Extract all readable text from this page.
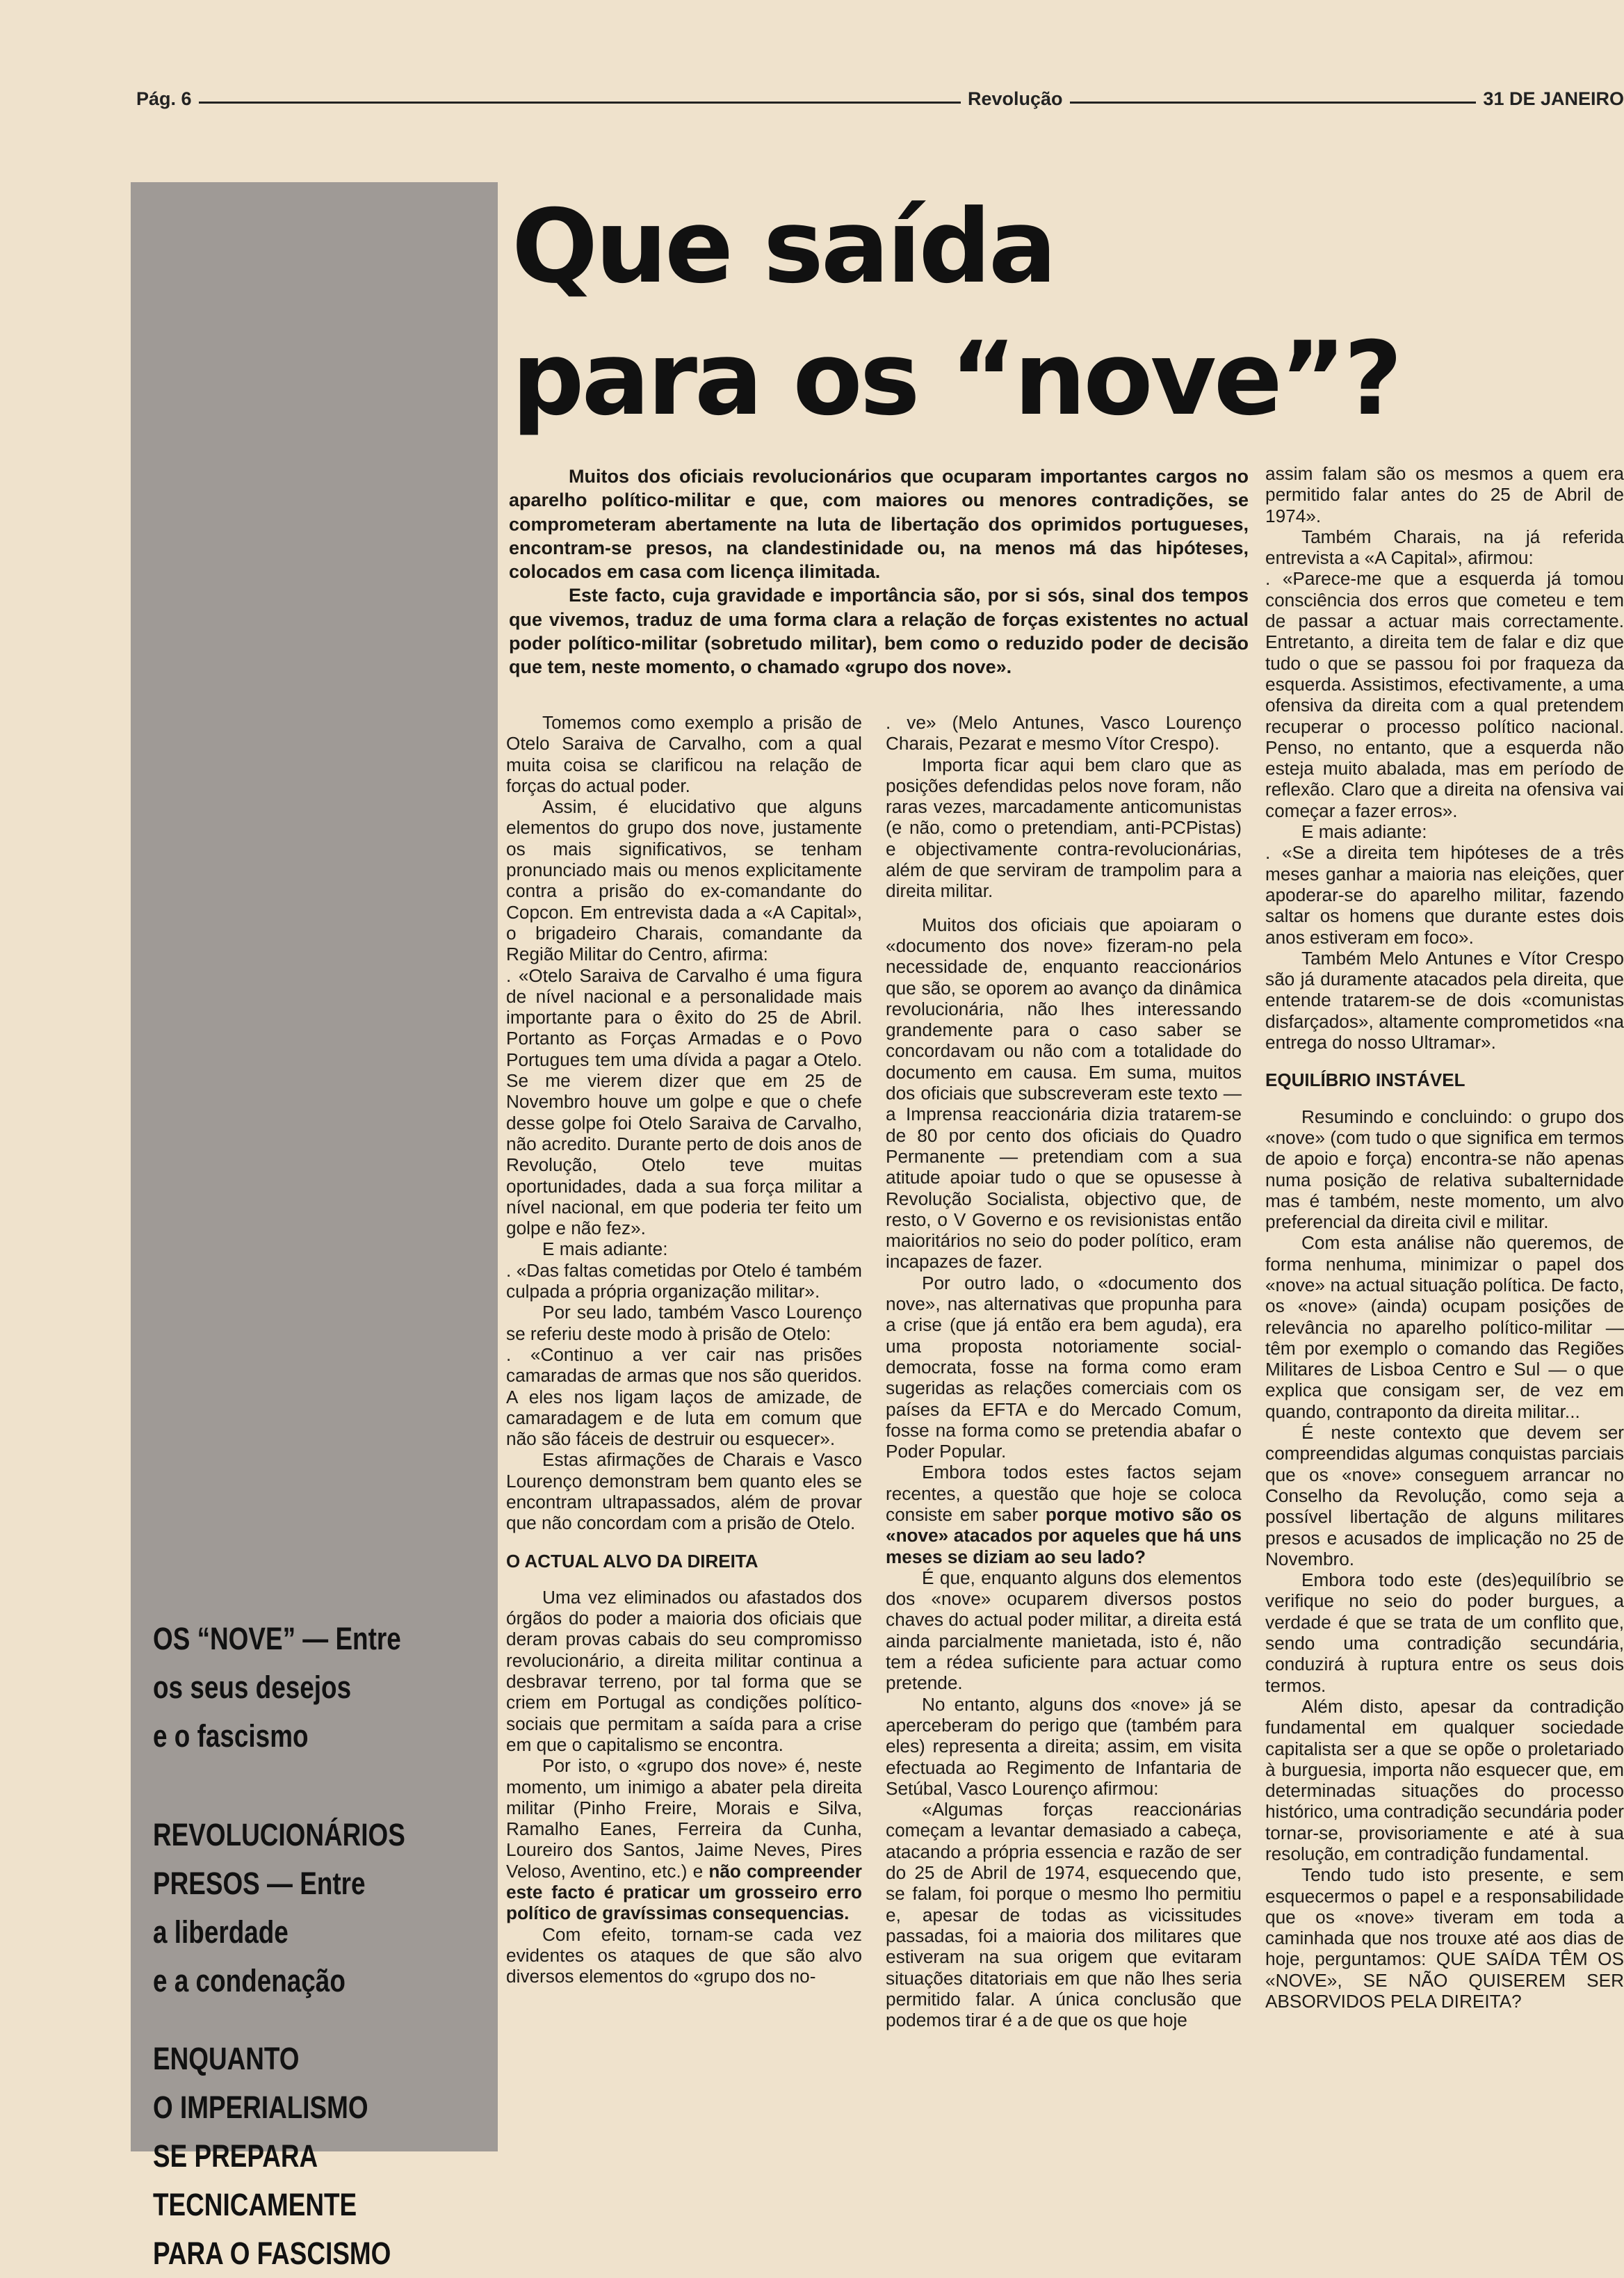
Pág. 6	Revolução	31 DE JANEIRO
OS “NOVE” — Entre
os seus desejos
e o fascismo
REVOLUCIONÁRIOS
PRESOS — Entre
a liberdade
e a condenação
ENQUANTO
O IMPERIALISMO
SE PREPARA
TECNICAMENTE
PARA O FASCISMO
Que saída
para os “nove”?

Muitos dos oficiais revolucionários que ocuparam importantes cargos no aparelho político-militar e que, com maiores ou menores contradições, se comprometeram abertamente na luta de libertação dos oprimidos portugueses, encontram-se presos, na clandestinidade ou, na menos má das hipóteses, colocados em casa com licença ilimitada.

Este facto, cuja gravidade e importância são, por si sós, sinal dos tempos que vivemos, traduz de uma forma clara a relação de forças existentes no actual poder político-militar (sobretudo militar), bem como o reduzido poder de decisão que tem, neste momento, o chamado «grupo dos nove».

Tomemos como exemplo a prisão de Otelo Saraiva de Carvalho, com a qual muita coisa se clarificou na relação de forças do actual poder.

Assim, é elucidativo que alguns elementos do grupo dos nove, justamente os mais significativos, se tenham pronunciado mais ou menos explicitamente contra a prisão do ex-comandante do Copcon. Em entrevista dada a «A Capital», o brigadeiro Charais, comandante da Região Militar do Centro, afirma:

. «Otelo Saraiva de Carvalho é uma figura de nível nacional e a personalidade mais importante para o êxito do 25 de Abril. Portanto as Forças Armadas e o Povo Portugues tem uma dívida a pagar a Otelo. Se me vierem dizer que em 25 de Novembro houve um golpe e que o chefe desse golpe foi Otelo Saraiva de Carvalho, não acredito. Durante perto de dois anos de Revolução, Otelo teve muitas oportunidades, dada a sua força militar a nível nacional, em que poderia ter feito um golpe e não fez».

E mais adiante:

. «Das faltas cometidas por Otelo é também culpada a própria organização militar».

Por seu lado, também Vasco Lourenço se referiu deste modo à prisão de Otelo:

. «Continuo a ver cair nas prisões camaradas de armas que nos são queridos. A eles nos ligam laços de amizade, de camaradagem e de luta em comum que não são fáceis de destruir ou esquecer».

Estas afirmações de Charais e Vasco Lourenço demonstram bem quanto eles se encontram ultrapassados, além de provar que não concordam com a prisão de Otelo.

O ACTUAL ALVO DA DIREITA

Uma vez eliminados ou afastados dos órgãos do poder a maioria dos oficiais que deram provas cabais do seu compromisso revolucionário, a direita militar continua a desbravar terreno, por tal forma que se criem em Portugal as condições político-sociais que permitam a saída para a crise em que o capitalismo se encontra.

Por isto, o «grupo dos nove» é, neste momento, um inimigo a abater pela direita militar (Pinho Freire, Morais e Silva, Ramalho Eanes, Ferreira da Cunha, Loureiro dos Santos, Jaime Neves, Pires Veloso, Aventino, etc.) e não compreender este facto é praticar um grosseiro erro político de gravíssimas consequencias.

Com efeito, tornam-se cada vez evidentes os ataques de que são alvo diversos elementos do «grupo dos no-

. ve» (Melo Antunes, Vasco Lourenço Charais, Pezarat e mesmo Vítor Crespo).

Importa ficar aqui bem claro que as posições defendidas pelos nove foram, não raras vezes, marcadamente anticomunistas (e não, como o pretendiam, anti-PCPistas) e objectivamente contra-revolucionárias, além de que serviram de trampolim para a direita militar.

Muitos dos oficiais que apoiaram o «documento dos nove» fizeram-no pela necessidade de, enquanto reaccionários que são, se oporem ao avanço da dinâmica revolucionária, não lhes interessando grandemente para o caso saber se concordavam ou não com a totalidade do documento em causa. Em suma, muitos dos oficiais que subscreveram este texto — a Imprensa reaccionária dizia tratarem-se de 80 por cento dos oficiais do Quadro Permanente — pretendiam com a sua atitude apoiar tudo o que se opusesse à Revolução Socialista, objectivo que, de resto, o V Governo e os revisionistas então maioritários no seio do poder político, eram incapazes de fazer.

Por outro lado, o «documento dos nove», nas alternativas que propunha para a crise (que já então era bem aguda), era uma proposta notoriamente social-democrata, fosse na forma como eram sugeridas as relações comerciais com os países da EFTA e do Mercado Comum, fosse na forma como se pretendia abafar o Poder Popular.

Embora todos estes factos sejam recentes, a questão que hoje se coloca consiste em saber porque motivo são os «nove» atacados por aqueles que há uns meses se diziam ao seu lado?

É que, enquanto alguns dos elementos dos «nove» ocuparem diversos postos chaves do actual poder militar, a direita está ainda parcialmente manietada, isto é, não tem a rédea suficiente para actuar como pretende.

No entanto, alguns dos «nove» já se aperceberam do perigo que (também para eles) representa a direita; assim, em visita efectuada ao Regimento de Infantaria de Setúbal, Vasco Lourenço afirmou:

«Algumas forças reaccionárias começam a levantar demasiado a cabeça, atacando a própria essencia e razão de ser do 25 de Abril de 1974, esquecendo que, se falam, foi porque o mesmo lho permitiu e, apesar de todas as vicissitudes passadas, foi a maioria dos militares que estiveram na sua origem que evitaram situações ditatoriais em que não lhes seria permitido falar. A única conclusão que podemos tirar é a de que os que hoje

assim falam são os mesmos a quem era permitido falar antes do 25 de Abril de 1974».

Também Charais, na já referida entrevista a «A Capital», afirmou:

. «Parece-me que a esquerda já tomou consciência dos erros que cometeu e tem de passar a actuar mais correctamente. Entretanto, a direita tem de falar e diz que tudo o que se passou foi por fraqueza da esquerda. Assistimos, efectivamente, a uma ofensiva da direita com a qual pretendem recuperar o processo político nacional. Penso, no entanto, que a esquerda não esteja muito abalada, mas em período de reflexão. Claro que a direita na ofensiva vai começar a fazer erros».

E mais adiante:

. «Se a direita tem hipóteses de a três meses ganhar a maioria nas eleições, quer apoderar-se do aparelho militar, fazendo saltar os homens que durante estes dois anos estiveram em foco».

Também Melo Antunes e Vítor Crespo são já duramente atacados pela direita, que entende tratarem-se de dois «comunistas disfarçados», altamente comprometidos «na entrega do nosso Ultramar».

EQUILÍBRIO INSTÁVEL

Resumindo e concluindo: o grupo dos «nove» (com tudo o que significa em termos de apoio e força) encontra-se não apenas numa posição de relativa subalternidade mas é também, neste momento, um alvo preferencial da direita civil e militar.

Com esta análise não queremos, de forma nenhuma, minimizar o papel dos «nove» na actual situação política. De facto, os «nove» (ainda) ocupam posições de relevância no aparelho político-militar — têm por exemplo o comando das Regiões Militares de Lisboa Centro e Sul — o que explica que consigam ser, de vez em quando, contraponto da direita militar...

É neste contexto que devem ser compreendidas algumas conquistas parciais que os «nove» conseguem arrancar no Conselho da Revolução, como seja a possível libertação de alguns militares presos e acusados de implicação no 25 de Novembro.

Embora todo este (des)equilíbrio se verifique no seio do poder burgues, a verdade é que se trata de um conflito que, sendo uma contradição secundária, conduzirá à ruptura entre os seus dois termos.

Além disto, apesar da contradição fundamental em qualquer sociedade capitalista ser a que se opõe o proletariado à burguesia, importa não esquecer que, em determinadas situações do processo histórico, uma contradição secundária poder tornar-se, provisoriamente e até à sua resolução, em contradição fundamental.

Tendo tudo isto presente, e sem esquecermos o papel e a responsabilidade que os «nove» tiveram em toda a caminhada que nos trouxe até aos dias de hoje, perguntamos: QUE SAÍDA TÊM OS «NOVE», SE NÃO QUISEREM SER ABSORVIDOS PELA DIREITA?
